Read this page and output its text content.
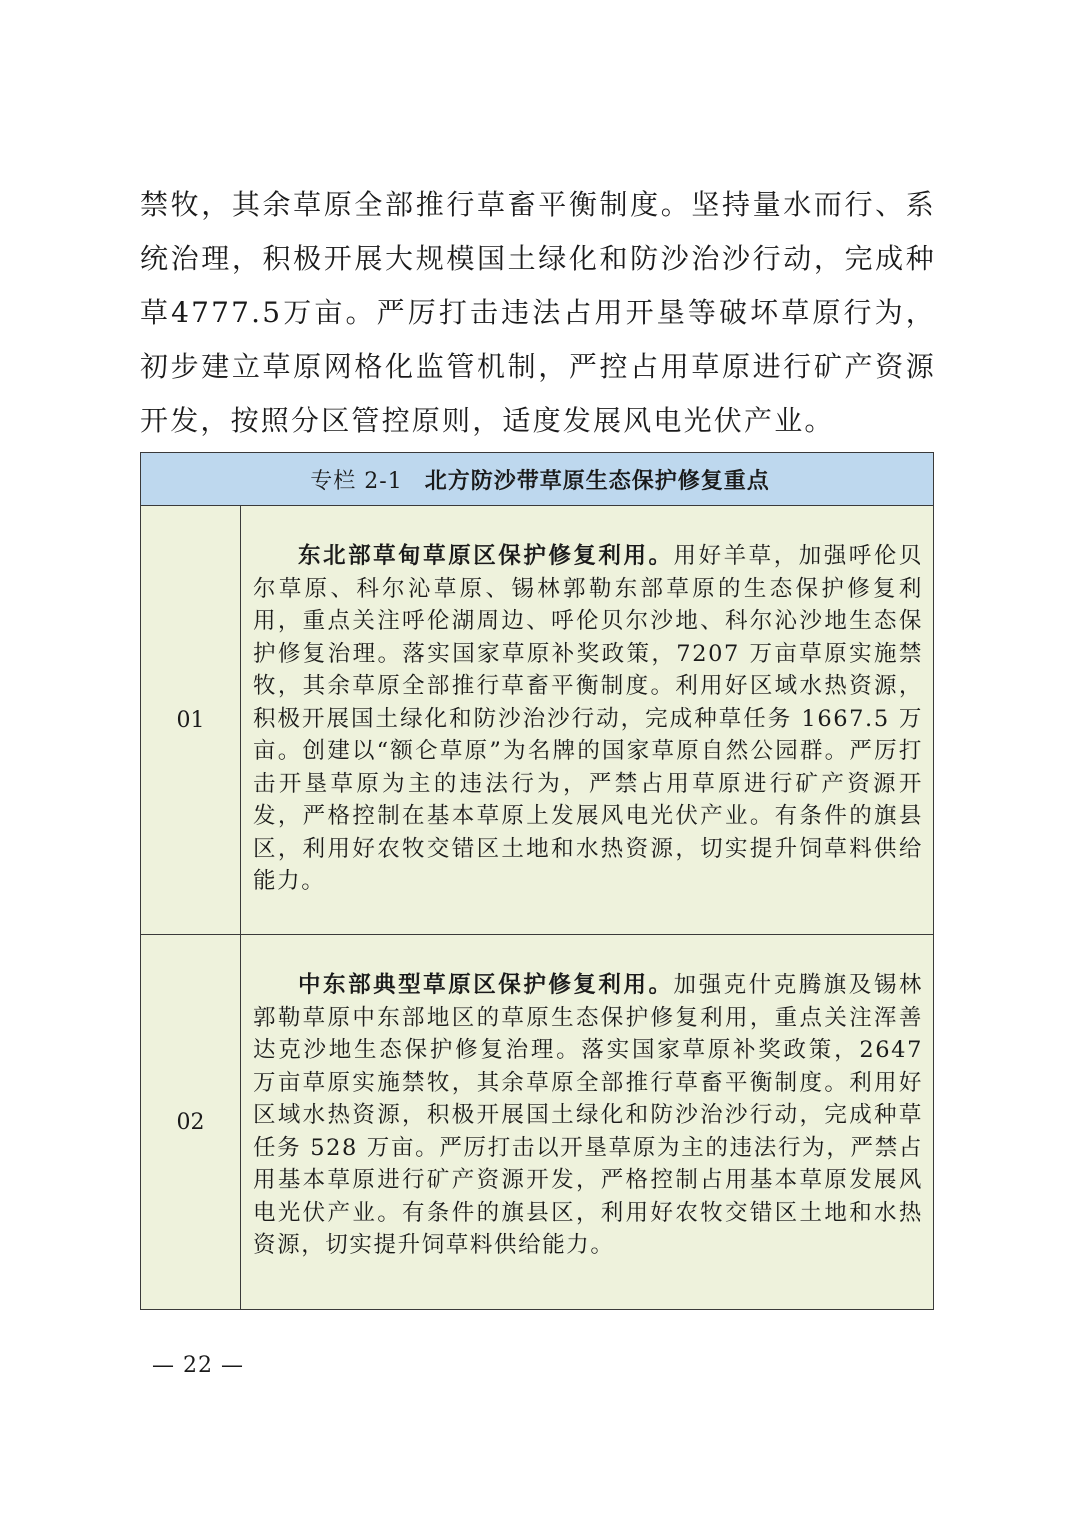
禁牧，其余草原全部推行草畜平衡制度。坚持量水而行、系统治理，积极开展大规模国土绿化和防沙治沙行动，完成种草4777.5万亩。严厉打击违法占用开垦等破坏草原行为，初步建立草原网格化监管机制，严控占用草原进行矿产资源开发，按照分区管控原则，适度发展风电光伏产业。

专栏 2-1 北方防沙带草原生态保护修复重点
01
东北部草甸草原区保护修复利用。用好羊草，加强呼伦贝尔草原、科尔沁草原、锡林郭勒东部草原的生态保护修复利用，重点关注呼伦湖周边、呼伦贝尔沙地、科尔沁沙地生态保护修复治理。落实国家草原补奖政策，7207 万亩草原实施禁牧，其余草原全部推行草畜平衡制度。利用好区域水热资源，积极开展国土绿化和防沙治沙行动，完成种草任务 1667.5 万亩。创建以“额仑草原”为名牌的国家草原自然公园群。严厉打击开垦草原为主的违法行为，严禁占用草原进行矿产资源开发，严格控制在基本草原上发展风电光伏产业。有条件的旗县区，利用好农牧交错区土地和水热资源，切实提升饲草料供给能力。
02
中东部典型草原区保护修复利用。加强克什克腾旗及锡林郭勒草原中东部地区的草原生态保护修复利用，重点关注浑善达克沙地生态保护修复治理。落实国家草原补奖政策，2647 万亩草原实施禁牧，其余草原全部推行草畜平衡制度。利用好区域水热资源，积极开展国土绿化和防沙治沙行动，完成种草任务 528 万亩。严厉打击以开垦草原为主的违法行为，严禁占用基本草原进行矿产资源开发，严格控制占用基本草原发展风电光伏产业。有条件的旗县区，利用好农牧交错区土地和水热资源，切实提升饲草料供给能力。
— 22 —
